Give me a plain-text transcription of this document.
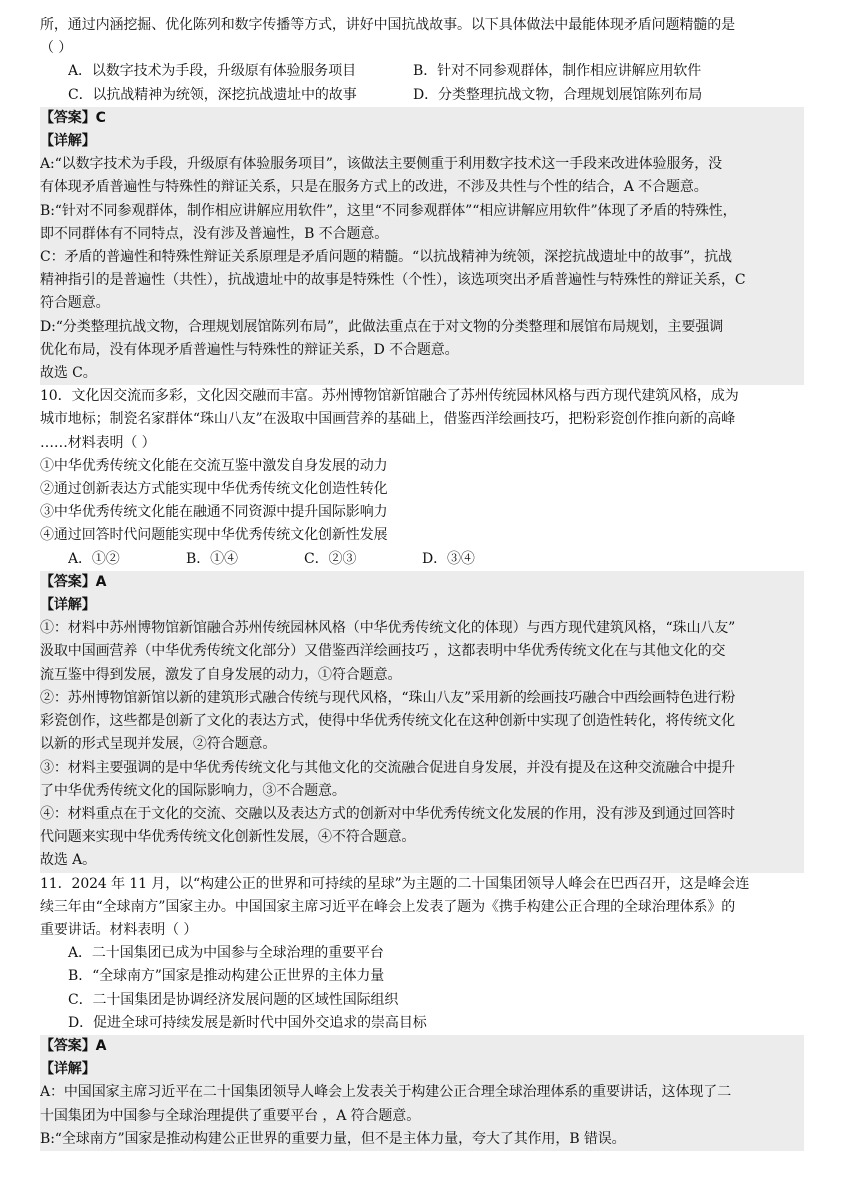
所，通过内涵挖掘、优化陈列和数字传播等方式，讲好中国抗战故事。以下具体做法中最能体现矛盾问题精髓的是
（ ）
A．以数字技术为手段，升级原有体验服务项目	B．针对不同参观群体，制作相应讲解应用软件
C．以抗战精神为统领，深挖抗战遗址中的故事	D．分类整理抗战文物，合理规划展馆陈列布局
【答案】C
【详解】
A:“以数字技术为手段，升级原有体验服务项目”，该做法主要侧重于利用数字技术这一手段来改进体验服务，没
有体现矛盾普遍性与特殊性的辩证关系，只是在服务方式上的改进，不涉及共性与个性的结合，A 不合题意。
B:“针对不同参观群体，制作相应讲解应用软件”，这里“不同参观群体”“相应讲解应用软件”体现了矛盾的特殊性，
即不同群体有不同特点，没有涉及普遍性，B 不合题意。
C：矛盾的普遍性和特殊性辩证关系原理是矛盾问题的精髓。“以抗战精神为统领，深挖抗战遗址中的故事”，抗战
精神指引的是普遍性（共性），抗战遗址中的故事是特殊性（个性），该选项突出矛盾普遍性与特殊性的辩证关系，C
符合题意。
D:“分类整理抗战文物，合理规划展馆陈列布局”，此做法重点在于对文物的分类整理和展馆布局规划，主要强调
优化布局，没有体现矛盾普遍性与特殊性的辩证关系，D 不合题意。
故选 C。
10．文化因交流而多彩，文化因交融而丰富。苏州博物馆新馆融合了苏州传统园林风格与西方现代建筑风格，成为
城市地标；制瓷名家群体“珠山八友”在汲取中国画营养的基础上，借鉴西洋绘画技巧，把粉彩瓷创作推向新的高峰
……材料表明（ ）
①中华优秀传统文化能在交流互鉴中激发自身发展的动力
②通过创新表达方式能实现中华优秀传统文化创造性转化
③中华优秀传统文化能在融通不同资源中提升国际影响力
④通过回答时代问题能实现中华优秀传统文化创新性发展
A．①②	B．①④	C．②③	D．③④
【答案】A
【详解】
①：材料中苏州博物馆新馆融合苏州传统园林风格（中华优秀传统文化的体现）与西方现代建筑风格，“珠山八友”
汲取中国画营养（中华优秀传统文化部分）又借鉴西洋绘画技巧 ，这都表明中华优秀传统文化在与其他文化的交
流互鉴中得到发展，激发了自身发展的动力，①符合题意。
②：苏州博物馆新馆以新的建筑形式融合传统与现代风格，“珠山八友”采用新的绘画技巧融合中西绘画特色进行粉
彩瓷创作，这些都是创新了文化的表达方式，使得中华优秀传统文化在这种创新中实现了创造性转化，将传统文化
以新的形式呈现并发展，②符合题意。
③：材料主要强调的是中华优秀传统文化与其他文化的交流融合促进自身发展，并没有提及在这种交流融合中提升
了中华优秀传统文化的国际影响力，③不合题意。
④：材料重点在于文化的交流、交融以及表达方式的创新对中华优秀传统文化发展的作用，没有涉及到通过回答时
代问题来实现中华优秀传统文化创新性发展，④不符合题意。
故选 A。
11．2024 年 11 月，以“构建公正的世界和可持续的星球”为主题的二十国集团领导人峰会在巴西召开，这是峰会连
续三年由“全球南方”国家主办。中国国家主席习近平在峰会上发表了题为《携手构建公正合理的全球治理体系》的
重要讲话。材料表明（ ）
A．二十国集团已成为中国参与全球治理的重要平台
B．“全球南方”国家是推动构建公正世界的主体力量
C．二十国集团是协调经济发展问题的区域性国际组织
D．促进全球可持续发展是新时代中国外交追求的崇高目标
【答案】A
【详解】
A：中国国家主席习近平在二十国集团领导人峰会上发表关于构建公正合理全球治理体系的重要讲话，这体现了二
十国集团为中国参与全球治理提供了重要平台 ，A 符合题意。
B:“全球南方”国家是推动构建公正世界的重要力量，但不是主体力量，夸大了其作用，B 错误。
